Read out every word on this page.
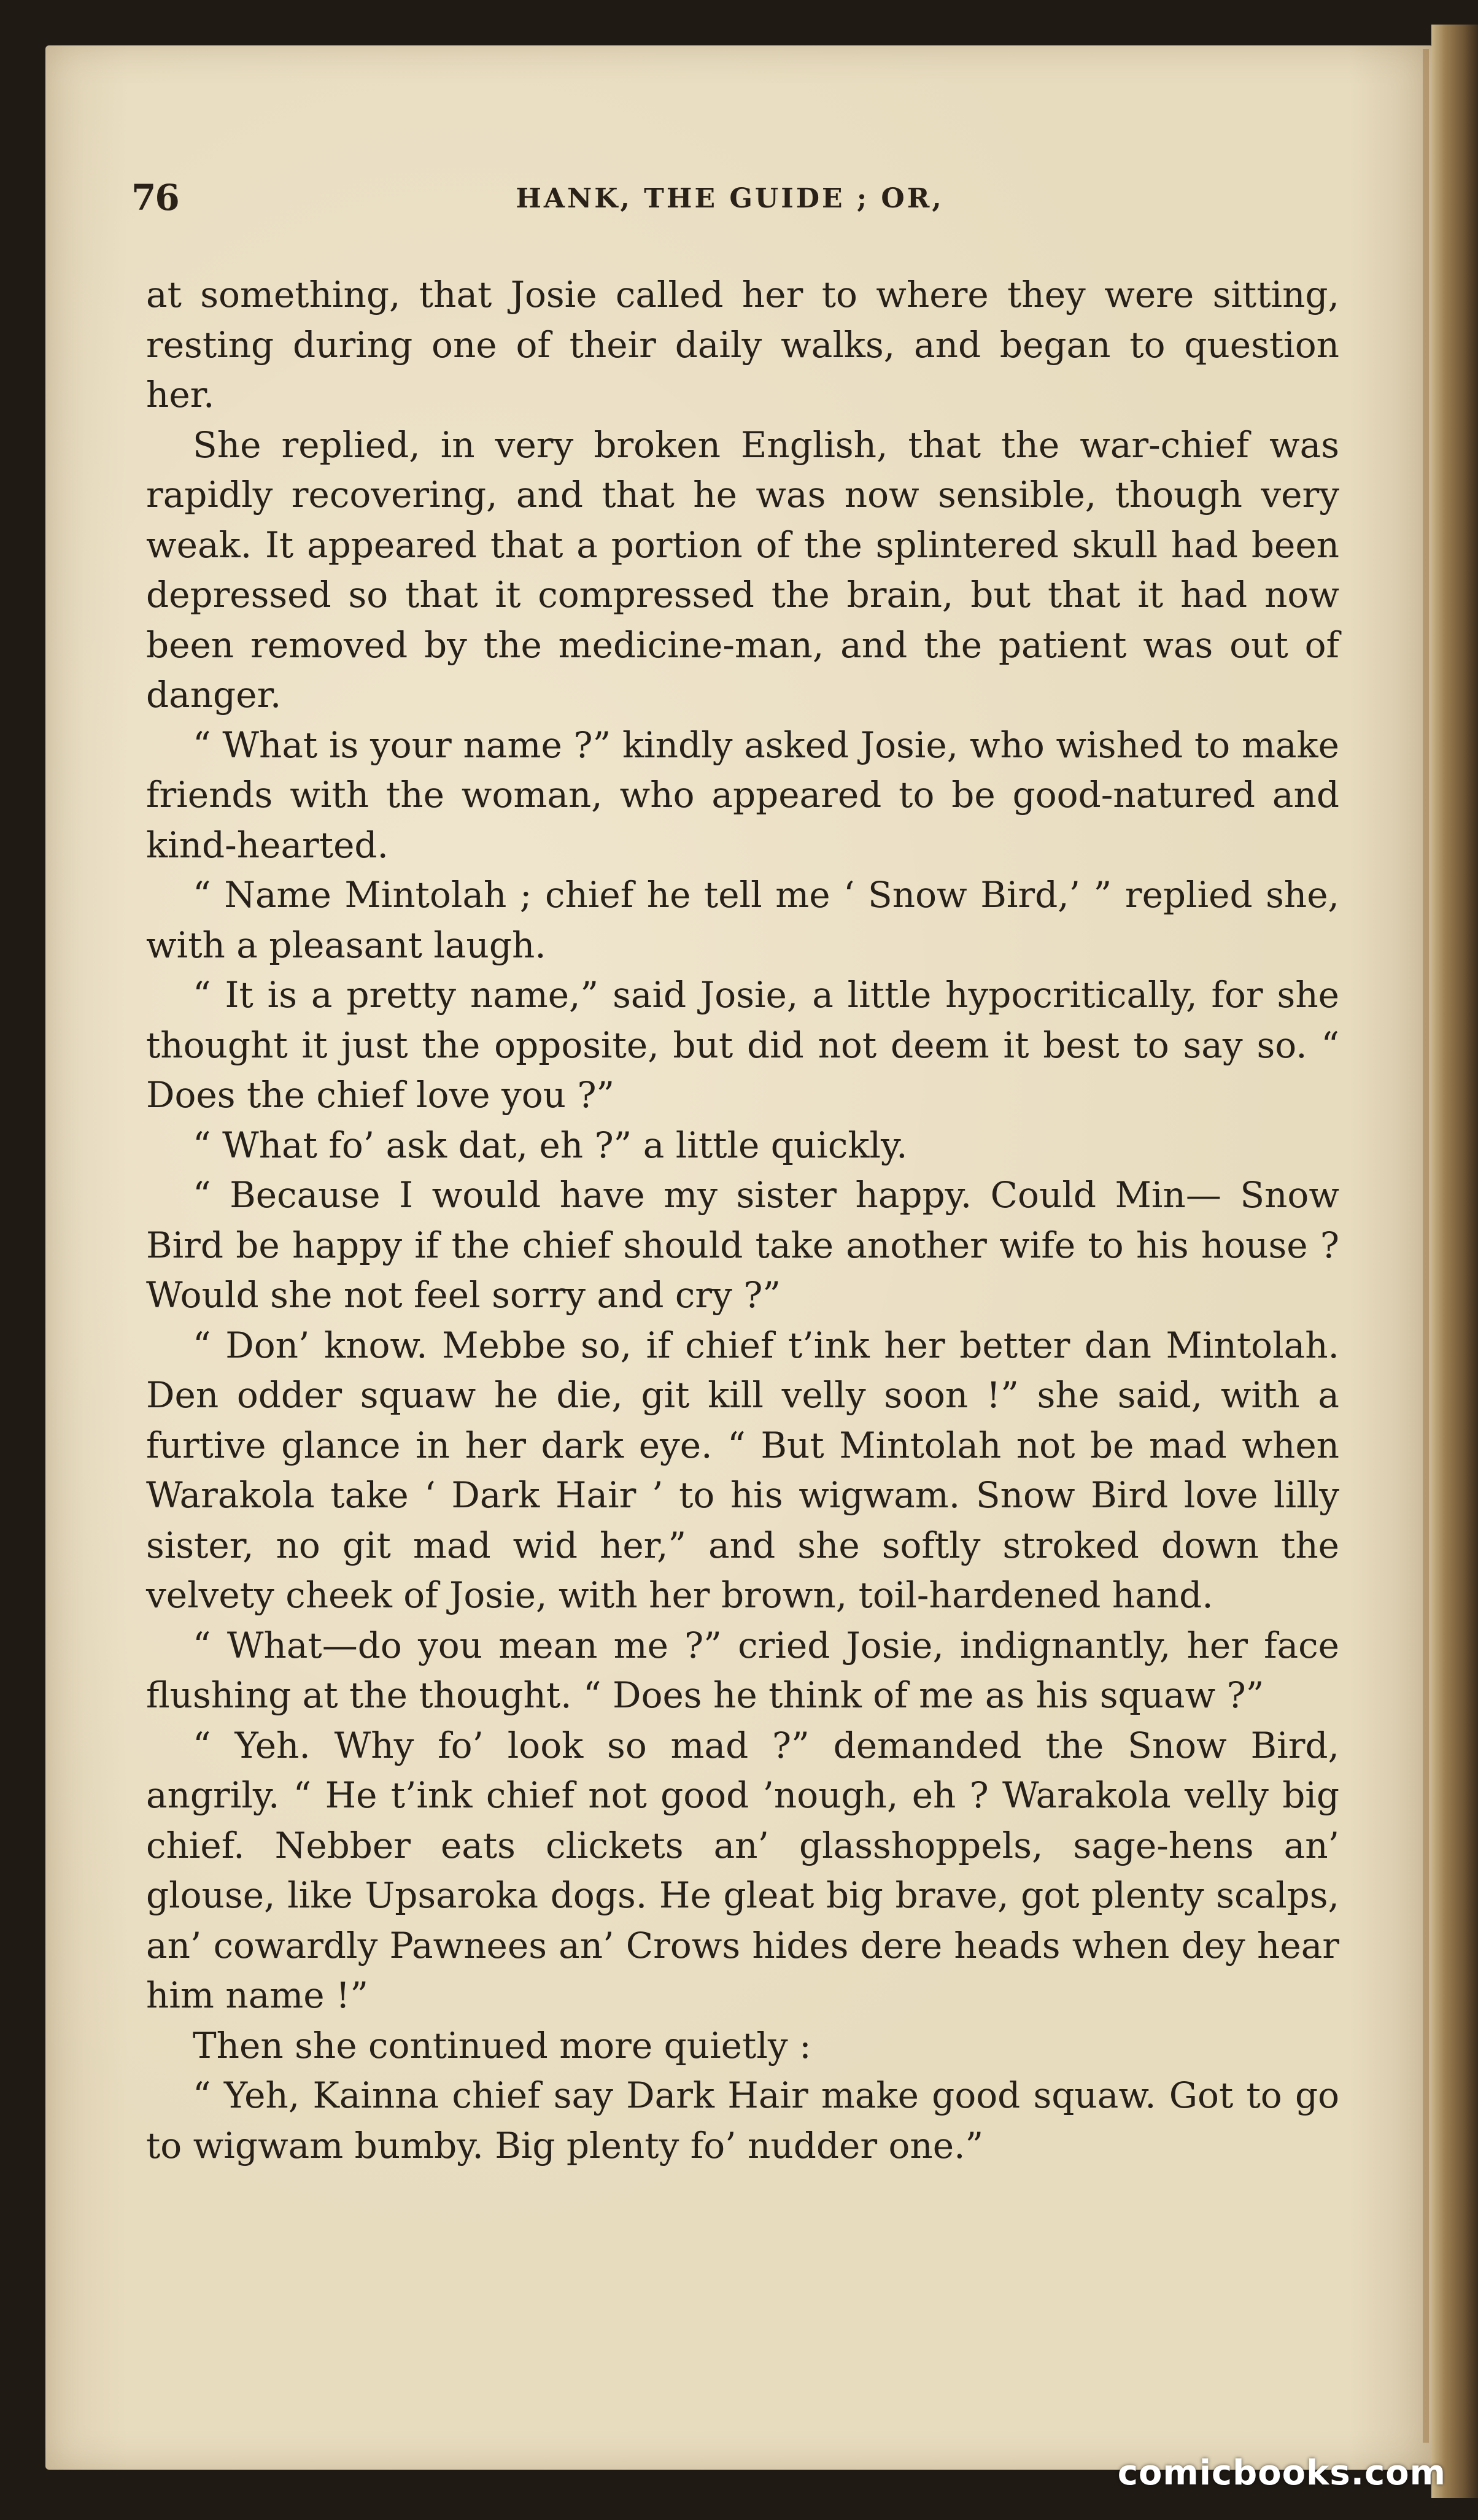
76	HANK, THE GUIDE ; OR,

at something, that Josie called her to where they were sitting, resting during one of their daily walks, and began to question her.

She replied, in very broken English, that the war-chief was rapidly recovering, and that he was now sensible, though very weak. It appeared that a portion of the splintered skull had been depressed so that it compressed the brain, but that it had now been removed by the medicine-man, and the patient was out of danger.

“ What is your name ?” kindly asked Josie, who wished to make friends with the woman, who appeared to be good-natured and kind-hearted.

“ Name Mintolah ; chief he tell me ‘ Snow Bird,’ ” replied she, with a pleasant laugh.

“ It is a pretty name,” said Josie, a little hypocritically, for she thought it just the opposite, but did not deem it best to say so. “ Does the chief love you ?”

“ What fo’ ask dat, eh ?” a little quickly.

“ Because I would have my sister happy. Could Min— Snow Bird be happy if the chief should take another wife to his house ? Would she not feel sorry and cry ?”

“ Don’ know. Mebbe so, if chief t’ink her better dan Mintolah. Den odder squaw he die, git kill velly soon !” she said, with a furtive glance in her dark eye. “ But Mintolah not be mad when Warakola take ‘ Dark Hair ’ to his wigwam. Snow Bird love lilly sister, no git mad wid her,” and she softly stroked down the velvety cheek of Josie, with her brown, toil-hardened hand.

“ What—do you mean me ?” cried Josie, indignantly, her face flushing at the thought. “ Does he think of me as his squaw ?”

“ Yeh. Why fo’ look so mad ?” demanded the Snow Bird, angrily. “ He t’ink chief not good ’nough, eh ? Warakola velly big chief. Nebber eats clickets an’ glasshoppels, sage-hens an’ glouse, like Upsaroka dogs. He gleat big brave, got plenty scalps, an’ cowardly Pawnees an’ Crows hides dere heads when dey hear him name !”

Then she continued more quietly :

“ Yeh, Kainna chief say Dark Hair make good squaw. Got to go to wigwam bumby. Big plenty fo’ nudder one.”

comicbooks.com
